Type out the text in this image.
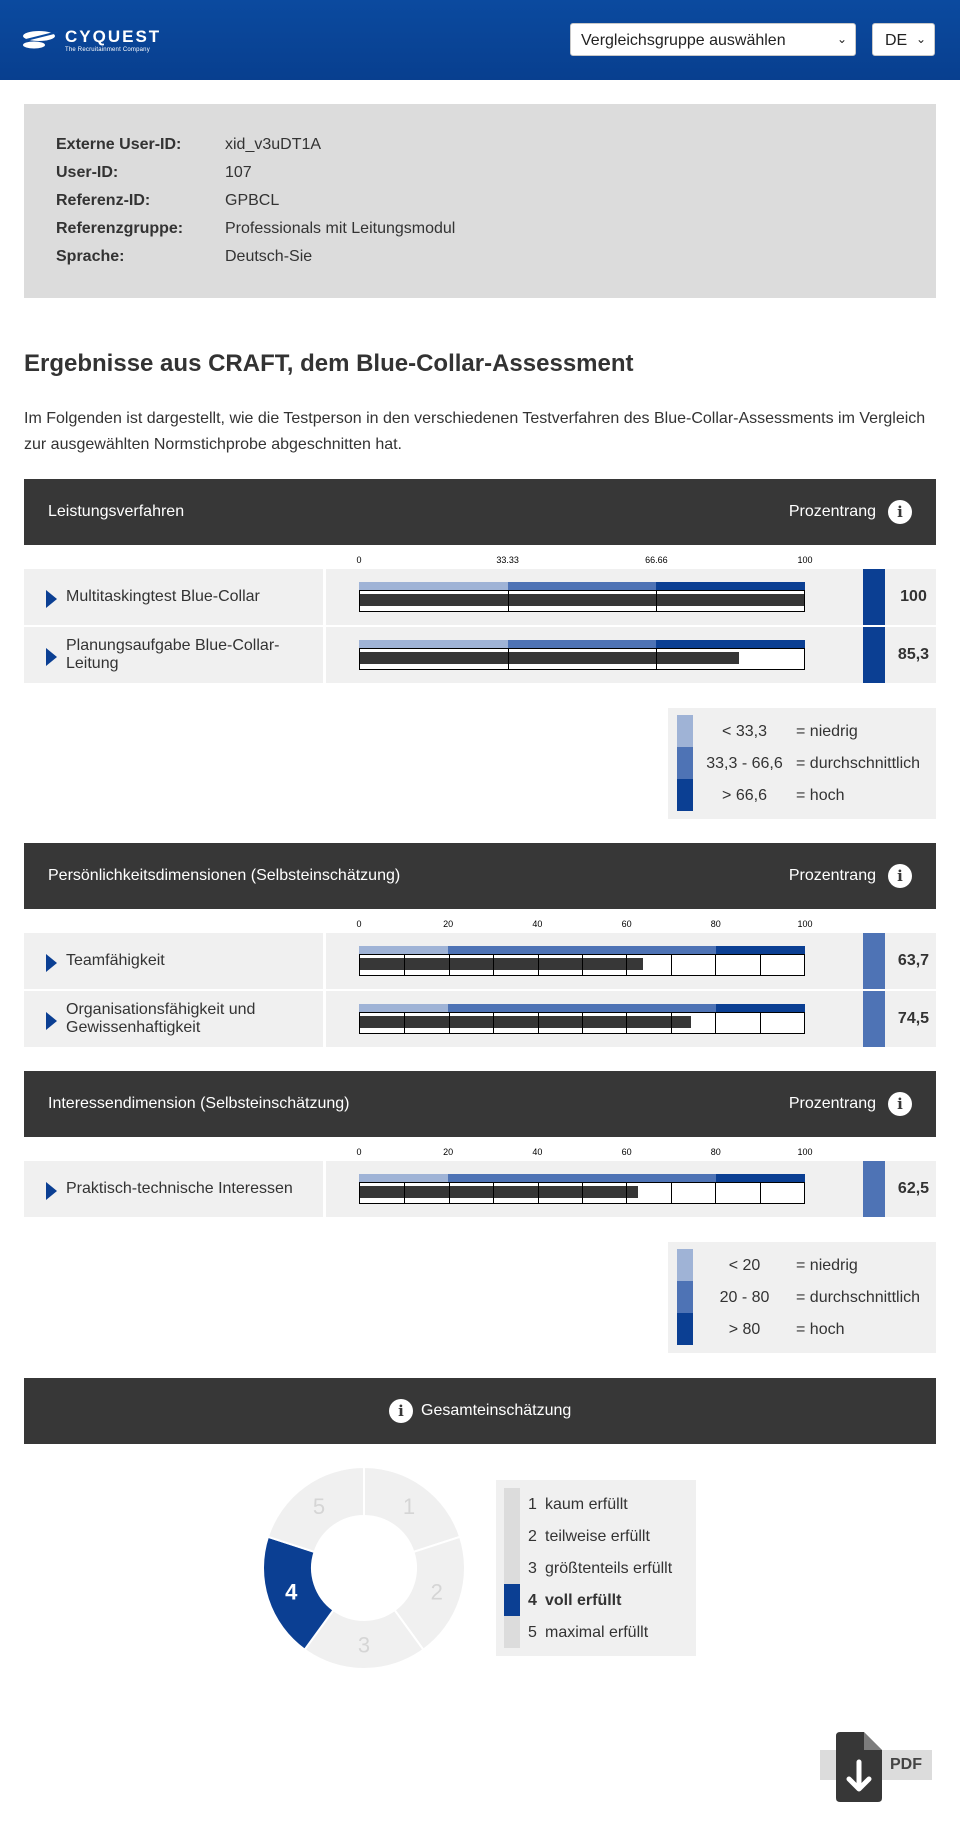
CYQUEST
The Recruitainment Company
Vergleichsgruppe auswählen	⌄	DE ⌄
Externe User-ID:	xid_v3uDT1A
User-ID:	107
Referenz-ID:	GPBCL
Referenzgruppe:	Professionals mit Leitungsmodul
Sprache:	Deutsch-Sie
Ergebnisse aus CRAFT, dem Blue-Collar-Assessment

Im Folgenden ist dargestellt, wie die Testperson in den verschiedenen Testverfahren des Blue-Collar-Assessments im Vergleich zur ausgewählten Normstichprobe abgeschnitten hat.

Leistungsverfahren	Prozentrang	i
0	33.33	66.66	100
Multitaskingtest Blue-Collar	100
Planungsaufgabe Blue-Collar-Leitung
85,3
< 33,3	= niedrig
33,3 - 66,6 = durchschnittlich
> 66,6	= hoch
Persönlichkeitsdimensionen (Selbsteinschätzung)	Prozentrang	i
0	20	40	60	80	100
Teamfähigkeit	63,7
Organisationsfähigkeit und Gewissenhaftigkeit
74,5
Interessendimension (Selbsteinschätzung)	Prozentrang	i
0	20	40	60	80	100
Praktisch-technische Interessen	62,5
< 20	= niedrig
20 - 80	= durchschnittlich
> 80	= hoch
i	Gesamteinschätzung
1
2
3
4
5	1 kaum erfüllt
2 teilweise erfüllt
3 größtenteils erfüllt
4 voll erfüllt
5 maximal erfüllt
PDF
